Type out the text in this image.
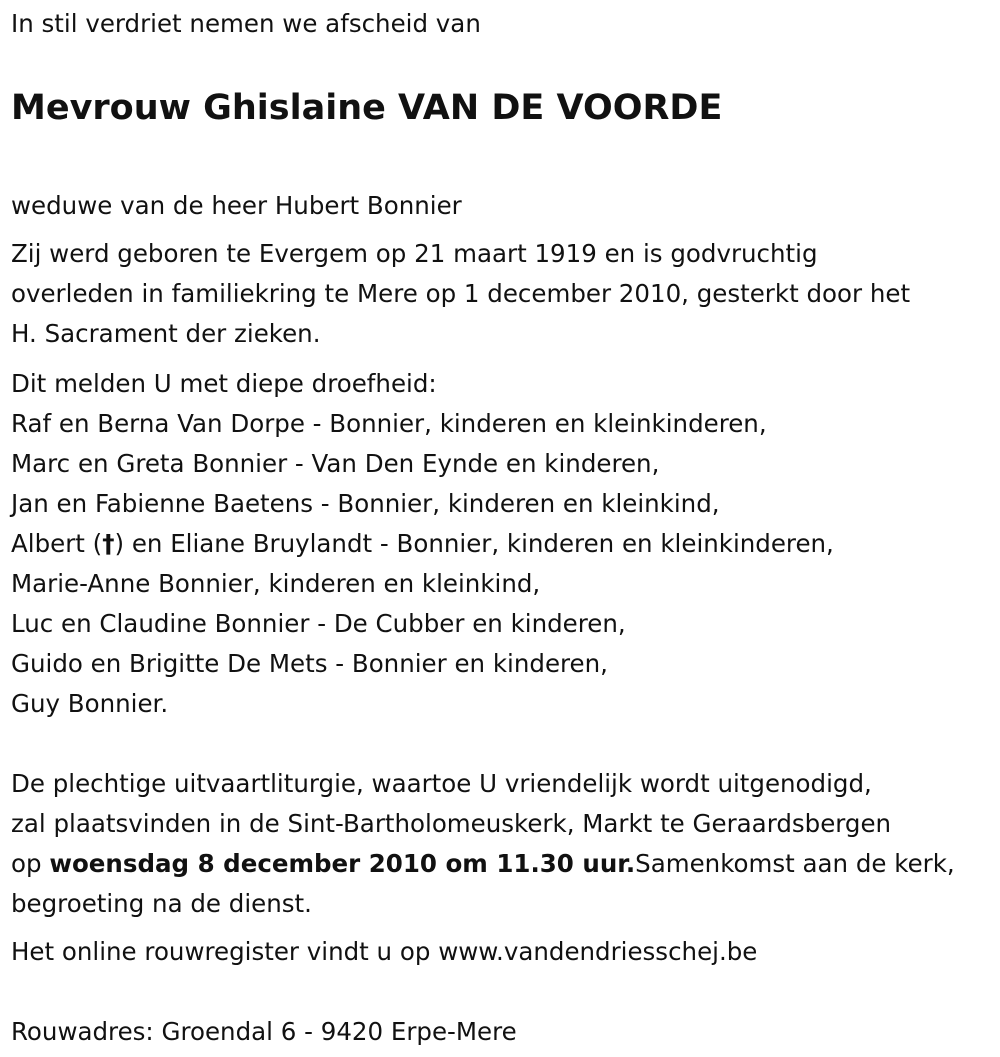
In stil verdriet nemen we afscheid van
Mevrouw Ghislaine VAN DE VOORDE
weduwe van de heer Hubert Bonnier
Zij werd geboren te Evergem op 21 maart 1919 en is godvruchtig
overleden in familiekring te Mere op 1 december 2010, gesterkt door het
H. Sacrament der zieken.
Dit melden U met diepe droefheid:
Raf en Berna Van Dorpe - Bonnier, kinderen en kleinkinderen,
Marc en Greta Bonnier - Van Den Eynde en kinderen,
Jan en Fabienne Baetens - Bonnier, kinderen en kleinkind,
Albert (†) en Eliane Bruylandt - Bonnier, kinderen en kleinkinderen,
Marie-Anne Bonnier, kinderen en kleinkind,
Luc en Claudine Bonnier - De Cubber en kinderen,
Guido en Brigitte De Mets - Bonnier en kinderen,
Guy Bonnier.
De plechtige uitvaartliturgie, waartoe U vriendelijk wordt uitgenodigd,
zal plaatsvinden in de Sint-Bartholomeuskerk, Markt te Geraardsbergen
op woensdag 8 december 2010 om 11.30 uur.Samenkomst aan de kerk,
begroeting na de dienst.
Het online rouwregister vindt u op www.vandendriesschej.be
Rouwadres: Groendal 6 - 9420 Erpe-Mere
